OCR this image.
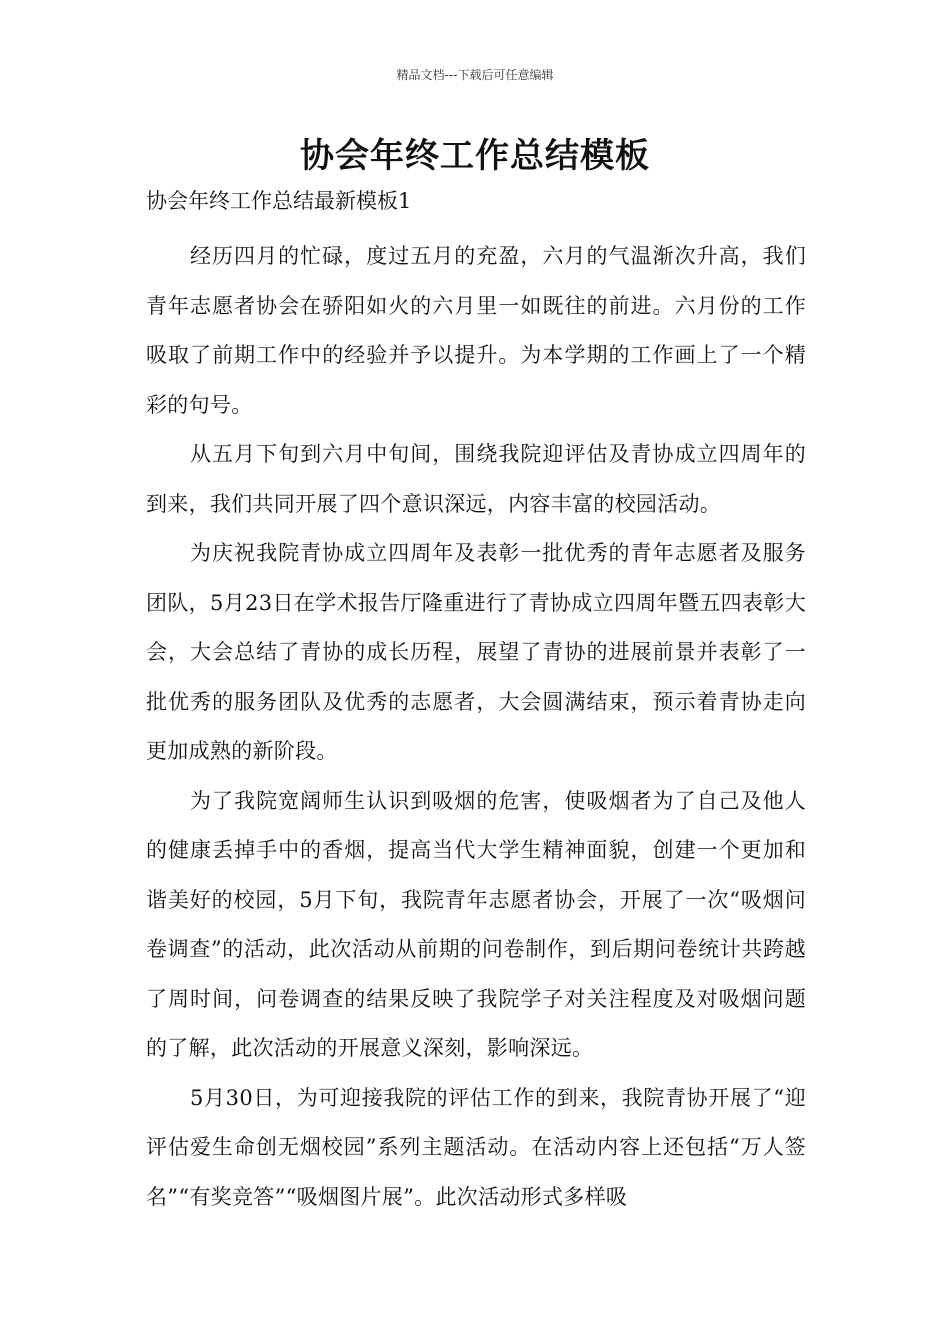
精品文档---下载后可任意编辑
协会年终工作总结模板
协会年终工作总结最新模板1

经历四月的忙碌，度过五月的充盈，六月的气温渐次升高，我们青年志愿者协会在骄阳如火的六月里一如既往的前进。六月份的工作吸取了前期工作中的经验并予以提升。为本学期的工作画上了一个精彩的句号。

从五月下旬到六月中旬间，围绕我院迎评估及青协成立四周年的到来，我们共同开展了四个意识深远，内容丰富的校园活动。

为庆祝我院青协成立四周年及表彰一批优秀的青年志愿者及服务团队，5月23日在学术报告厅隆重进行了青协成立四周年暨五四表彰大会，大会总结了青协的成长历程，展望了青协的进展前景并表彰了一批优秀的服务团队及优秀的志愿者，大会圆满结束，预示着青协走向更加成熟的新阶段。

为了我院宽阔师生认识到吸烟的危害，使吸烟者为了自己及他人的健康丢掉手中的香烟，提高当代大学生精神面貌，创建一个更加和谐美好的校园，5月下旬，我院青年志愿者协会，开展了一次“吸烟问卷调查”的活动，此次活动从前期的问卷制作，到后期问卷统计共跨越了周时间，问卷调查的结果反映了我院学子对关注程度及对吸烟问题的了解，此次活动的开展意义深刻，影响深远。

5月30日，为可迎接我院的评估工作的到来，我院青协开展了“迎评估爱生命创无烟校园”系列主题活动。在活动内容上还包括“万人签名”“有奖竞答”“吸烟图片展”。此次活动形式多样吸
